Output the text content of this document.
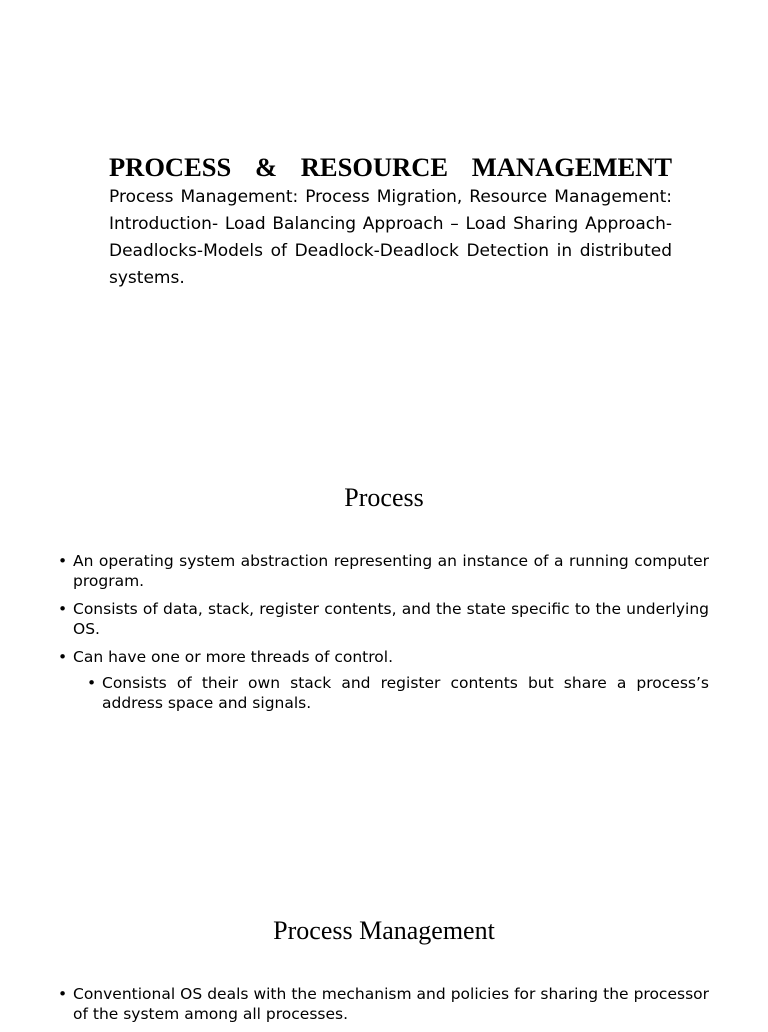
PROCESS & RESOURCE MANAGEMENT

Process Management: Process Migration, Resource Management: Introduction- Load Balancing Approach – Load Sharing Approach- Deadlocks-Models of Deadlock-Deadlock Detection in distributed systems.

Process
• An operating system abstraction representing an instance of a running computer program.
• Consists of data, stack, register contents, and the state specific to the underlying OS.
• Can have one or more threads of control.
• Consists of their own stack and register contents but share a process’s address space and signals.
Process Management
• Conventional OS deals with the mechanism and policies for sharing the processor of the system among all processes.
